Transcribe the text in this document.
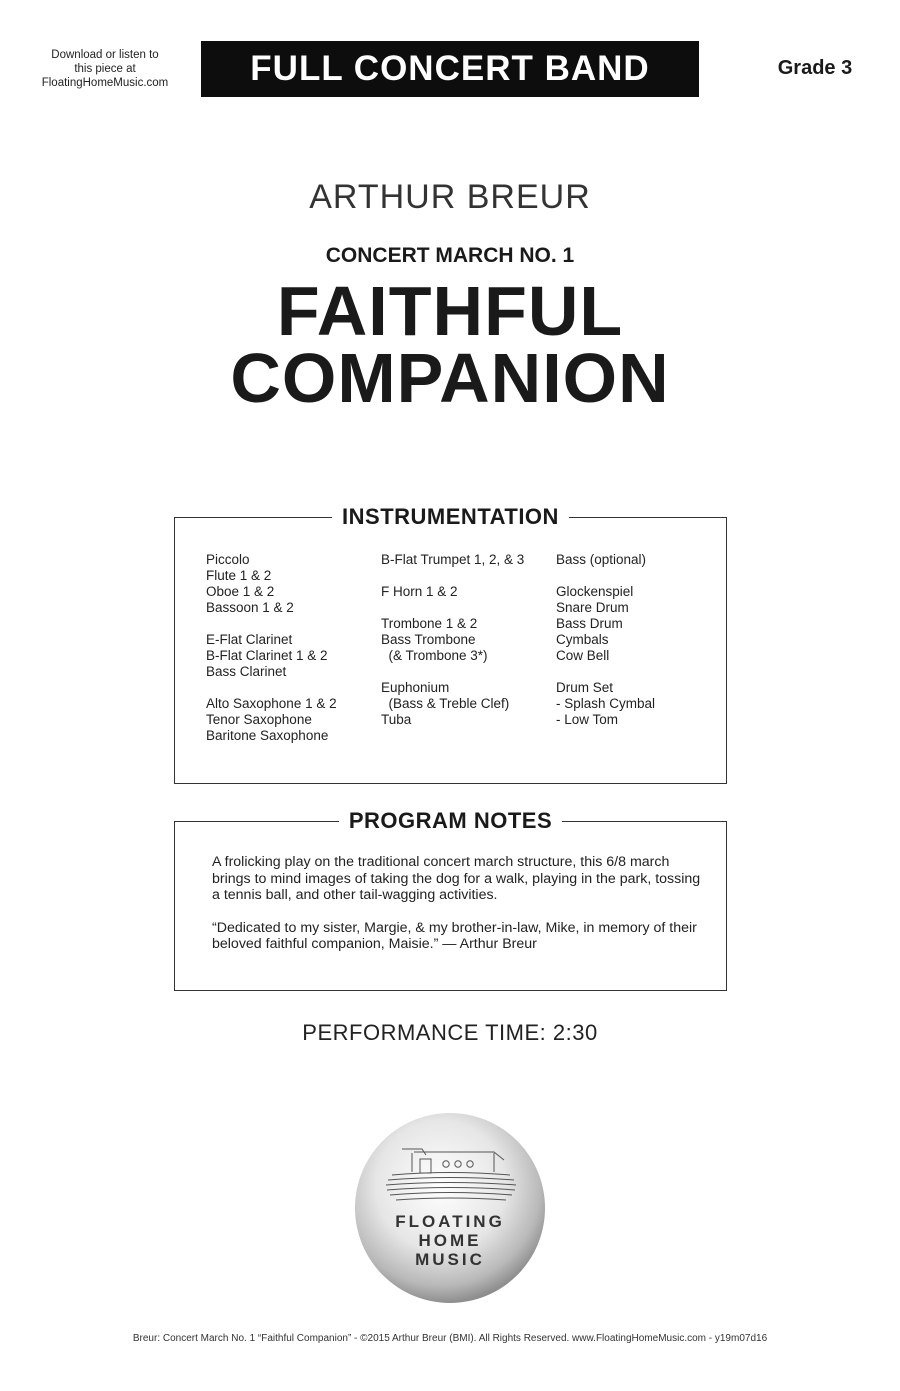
Download or listen to
this piece at
FloatingHomeMusic.com	FULL CONCERT BAND	Grade 3
ARTHUR BREUR
CONCERT MARCH NO. 1
FAITHFUL
COMPANION
INSTRUMENTATION
Piccolo
Flute 1 & 2
Oboe 1 & 2
Bassoon 1 & 2
E-Flat Clarinet
B-Flat Clarinet 1 & 2
Bass Clarinet
Alto Saxophone 1 & 2
Tenor Saxophone
Baritone Saxophone
B-Flat Trumpet 1, 2, & 3
F Horn 1 & 2
Trombone 1 & 2
Bass Trombone
(& Trombone 3*)
Euphonium
(Bass & Treble Clef)
Tuba
Bass (optional)
Glockenspiel
Snare Drum
Bass Drum
Cymbals
Cow Bell
Drum Set
- Splash Cymbal
- Low Tom
PROGRAM NOTES

A frolicking play on the traditional concert march structure, this 6/8 march brings to mind images of taking the dog for a walk, playing in the park, tossing a tennis ball, and other tail-wagging activities.

“Dedicated to my sister, Margie, & my brother-in-law, Mike, in memory of their beloved faithful companion, Maisie.” — Arthur Breur

PERFORMANCE TIME: 2:30
FLOATING
HOME
MUSIC
Breur: Concert March No. 1 “Faithful Companion” - ©2015 Arthur Breur (BMI). All Rights Reserved. www.FloatingHomeMusic.com - y19m07d16
